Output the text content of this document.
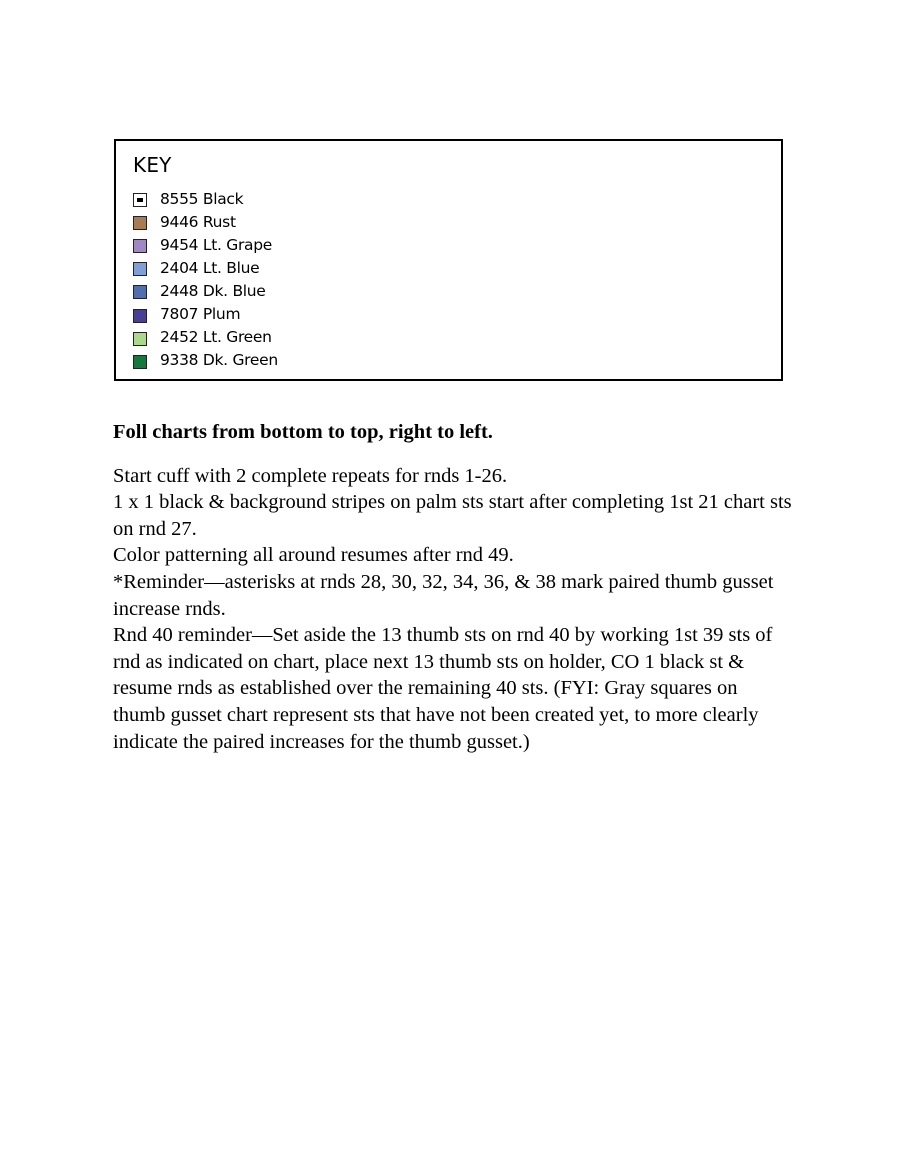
KEY
8555 Black
9446 Rust
9454 Lt. Grape
2404 Lt. Blue
2448 Dk. Blue
7807 Plum
2452 Lt. Green
9338 Dk. Green

Foll charts from bottom to top, right to left.

Start cuff with 2 complete repeats for rnds 1-26.

1 x 1 black & background stripes on palm sts start after completing 1st 21 chart sts on rnd 27.

Color patterning all around resumes after rnd 49.

*Reminder—asterisks at rnds 28, 30, 32, 34, 36, & 38 mark paired thumb gusset increase rnds.

Rnd 40 reminder—Set aside the 13 thumb sts on rnd 40 by working 1st 39 sts of rnd as indicated on chart, place next 13 thumb sts on holder, CO 1 black st & resume rnds as established over the remaining 40 sts. (FYI: Gray squares on thumb gusset chart represent sts that have not been created yet, to more clearly indicate the paired increases for the thumb gusset.)
